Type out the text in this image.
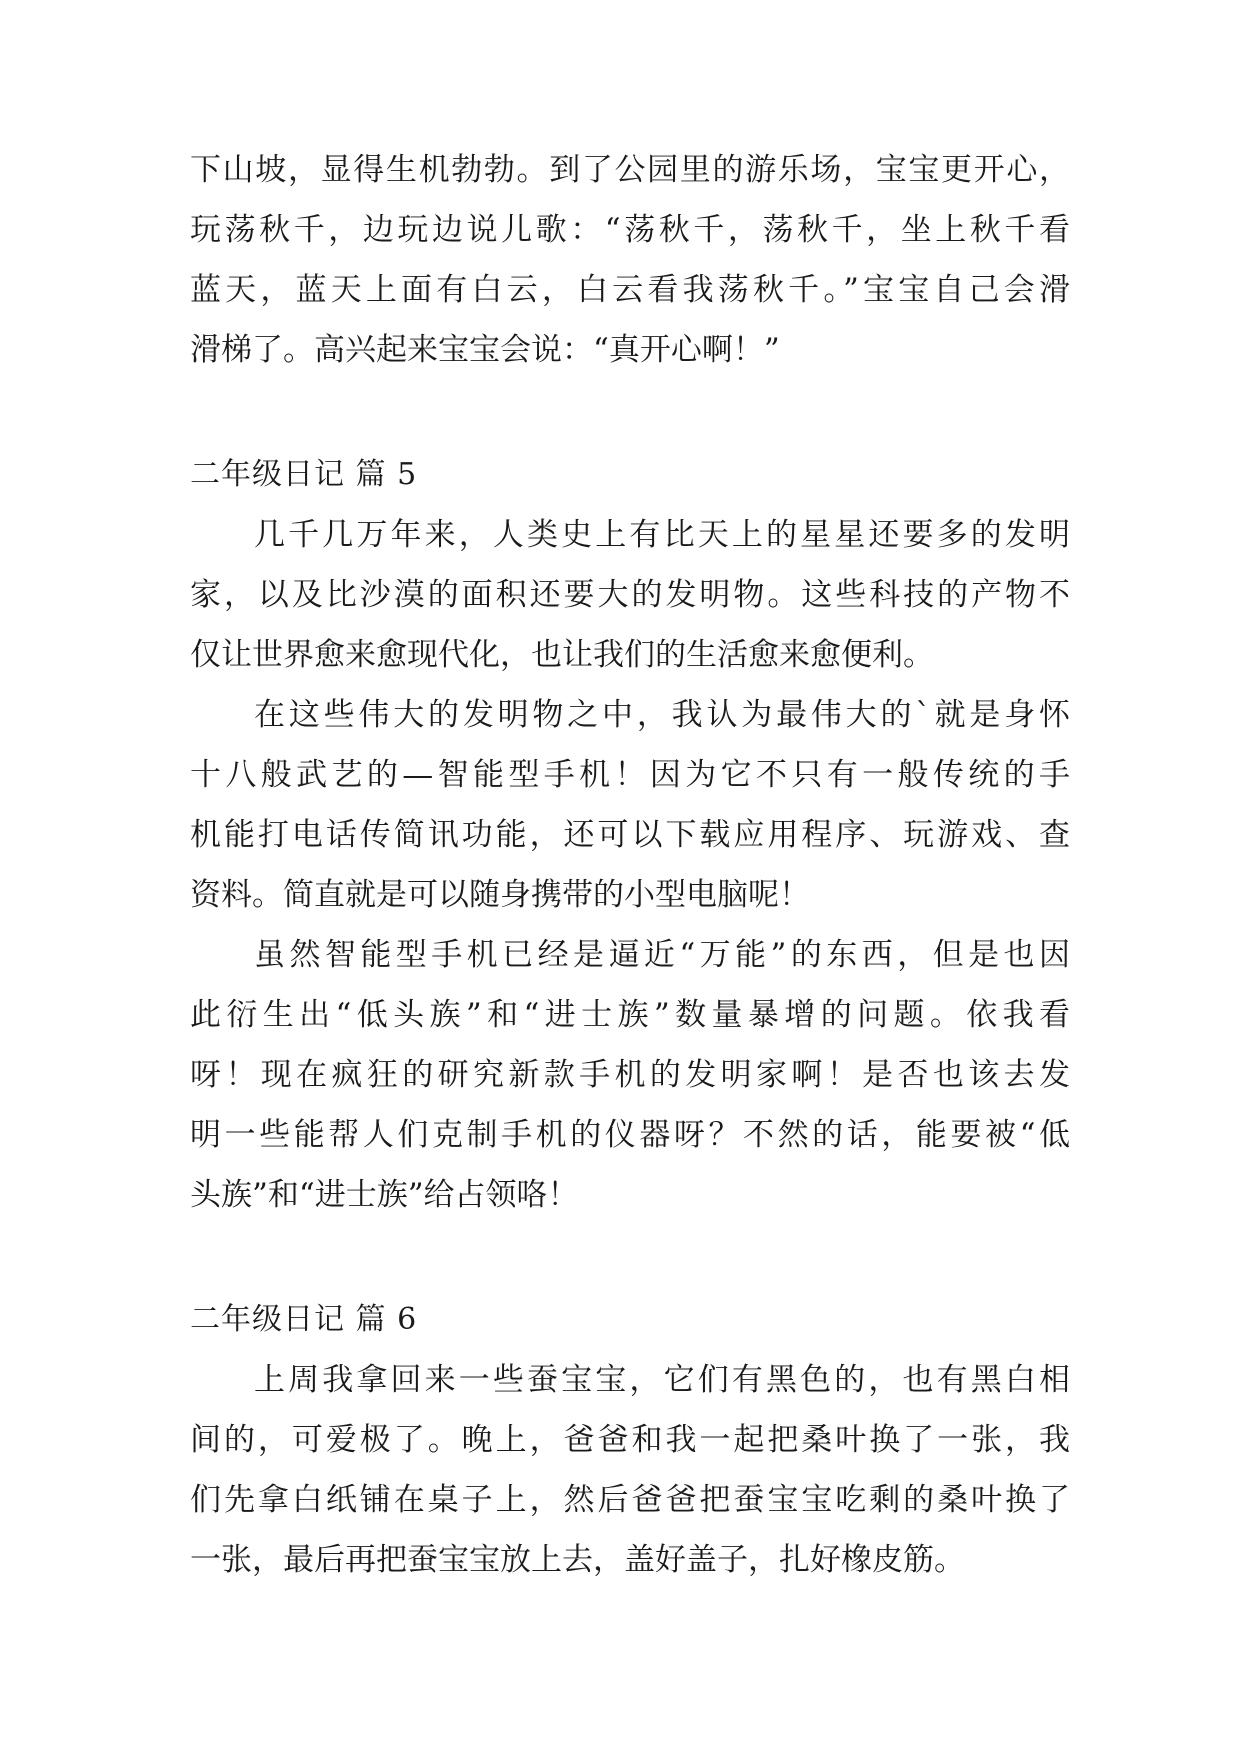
下山坡，显得生机勃勃。到了公园里的游乐场，宝宝更开心，
玩荡秋千，边玩边说儿歌：“荡秋千，荡秋千，坐上秋千看
蓝天，蓝天上面有白云，白云看我荡秋千。”宝宝自己会滑
滑梯了。高兴起来宝宝会说：“真开心啊！”
二年级日记 篇 5
几千几万年来，人类史上有比天上的星星还要多的发明
家，以及比沙漠的面积还要大的发明物。这些科技的产物不
仅让世界愈来愈现代化，也让我们的生活愈来愈便利。
在这些伟大的发明物之中，我认为最伟大的`就是身怀
十八般武艺的—智能型手机！因为它不只有一般传统的手
机能打电话传简讯功能，还可以下载应用程序、玩游戏、查
资料。简直就是可以随身携带的小型电脑呢！
虽然智能型手机已经是逼近“万能”的东西，但是也因
此衍生出“低头族”和“进士族”数量暴增的问题。依我看
呀！现在疯狂的研究新款手机的发明家啊！是否也该去发
明一些能帮人们克制手机的仪器呀？不然的话，能要被“低
头族”和“进士族”给占领咯！
二年级日记 篇 6
上周我拿回来一些蚕宝宝，它们有黑色的，也有黑白相
间的，可爱极了。晚上，爸爸和我一起把桑叶换了一张，我
们先拿白纸铺在桌子上，然后爸爸把蚕宝宝吃剩的桑叶换了
一张，最后再把蚕宝宝放上去，盖好盖子，扎好橡皮筋。
